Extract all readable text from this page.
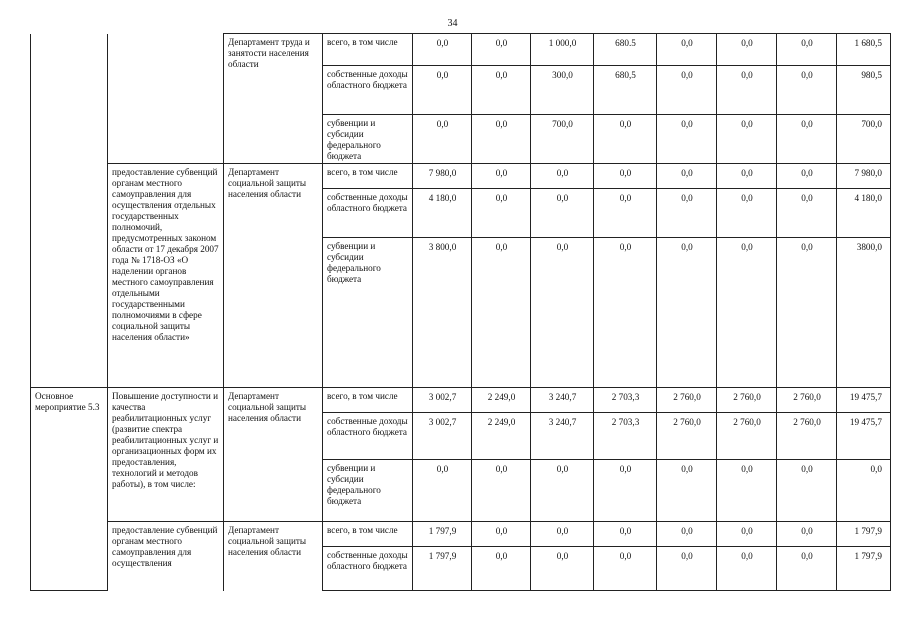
34
		Департамент труда и занятости населения области	всего, в том числе	0,0	0,0	1 000,0	680.5	0,0	0,0	0,0	1 680,5
			собственные доходы областного бюджета	0,0	0,0	300,0	680,5	0,0	0,0	0,0	980,5
			субвенции и субсидии федерального бюджета	0,0	0,0	700,0	0,0	0,0	0,0	0,0	700,0
	предоставление субвенций органам местного самоуправления для осуществления отдельных государственных полномочий, предусмотренных законом области от 17 декабря 2007 года № 1718-ОЗ «О наделении органов местного самоуправления отдельными государственными полномочиями в сфере социальной защиты населения области»	Департамент социальной защиты населения области	всего, в том числе	7 980,0	0,0	0,0	0,0	0,0	0,0	0,0	7 980,0
			собственные доходы областного бюджета	4 180,0	0,0	0,0	0,0	0,0	0,0	0,0	4 180,0
			субвенции и субсидии федерального бюджета	3 800,0	0,0	0,0	0,0	0,0	0,0	0,0	3800,0
Основное мероприятие 5.3	Повышение доступности и качества реабилитационных услуг (развитие спектра реабилитационных услуг и организационных форм их предоставления, технологий и методов работы), в том числе:	Департамент социальной защиты населения области	всего, в том числе	3 002,7	2 249,0	3 240,7	2 703,3	2 760,0	2 760,0	2 760,0	19 475,7
			собственные доходы областного бюджета	3 002,7	2 249,0	3 240,7	2 703,3	2 760,0	2 760,0	2 760,0	19 475,7
			субвенции и субсидии федерального бюджета	0,0	0,0	0,0	0,0	0,0	0,0	0,0	0,0
	предоставление субвенций органам местного самоуправления для осуществления	Департамент социальной защиты населения области	всего, в том числе	1 797,9	0,0	0,0	0,0	0,0	0,0	0,0	1 797,9
			собственные доходы областного бюджета	1 797,9	0,0	0,0	0,0	0,0	0,0	0,0	1 797,9
